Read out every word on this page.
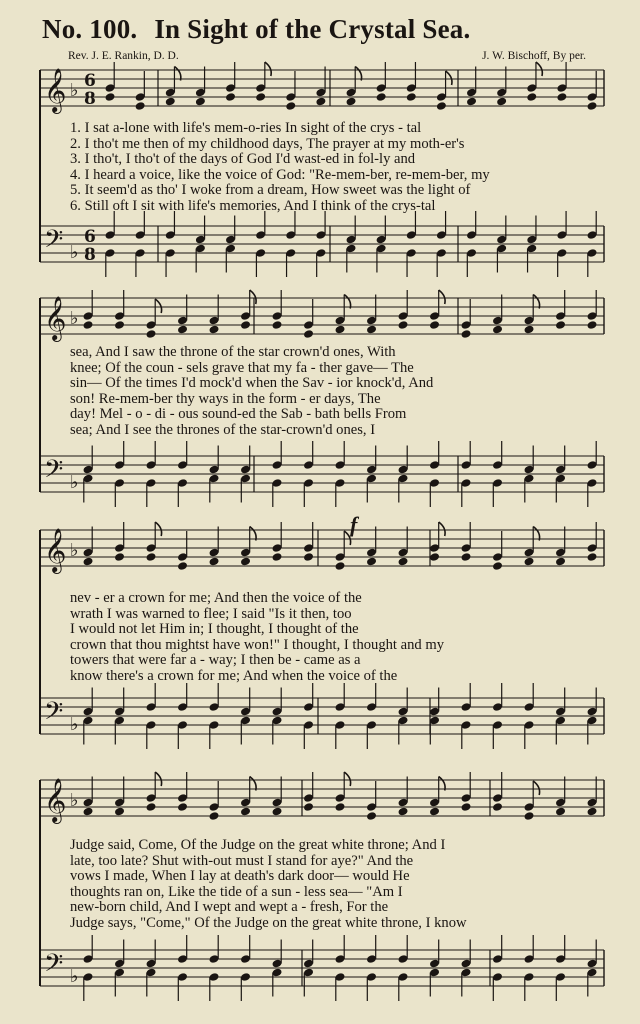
No. 100. In Sight of the Crystal Sea.
Rev. J. E. Rankin, D. D.	J. W. Bischoff, By per.
𝄞
𝄢
♭
♭
6
8
6
8
𝄞
𝄢
♭
♭
𝄞
𝄢
♭
♭
𝄞
𝄢
♭
♭
f
1. I sat a-lone with life's mem-o-ries In sight of the crys - tal
2. I tho't me then of my childhood days, The prayer at my moth-er's
3. I tho't, I tho't of the days of God I'd wast-ed in fol-ly and
4. I heard a voice, like the voice of God: "Re-mem-ber, re-mem-ber, my
5. It seem'd as tho' I woke from a dream, How sweet was the light of
6. Still oft I sit with life's memories, And I think of the crys-tal
sea, And I saw the throne of the star crown'd ones, With
knee; Of the coun - sels grave that my fa - ther gave— The
sin— Of the times I'd mock'd when the Sav - ior knock'd, And
son! Re-mem-ber thy ways in the form - er days, The
day! Mel - o - di - ous sound-ed the Sab - bath bells From
sea; And I see the thrones of the star-crown'd ones, I
nev - er a crown for me; And then the voice of the
wrath I was warned to flee; I said "Is it then, too
I would not let Him in; I thought, I thought of the
crown that thou mightst have won!" I thought, I thought and my
towers that were far a - way; I then be - came as a
know there's a crown for me; And when the voice of the
Judge said, Come, Of the Judge on the great white throne; And I
late, too late? Shut with-out must I stand for aye?" And the
vows I made, When I lay at death's dark door— would He
thoughts ran on, Like the tide of a sun - less sea— "Am I
new-born child, And I wept and wept a - fresh, For the
Judge says, "Come," Of the Judge on the great white throne, I know
